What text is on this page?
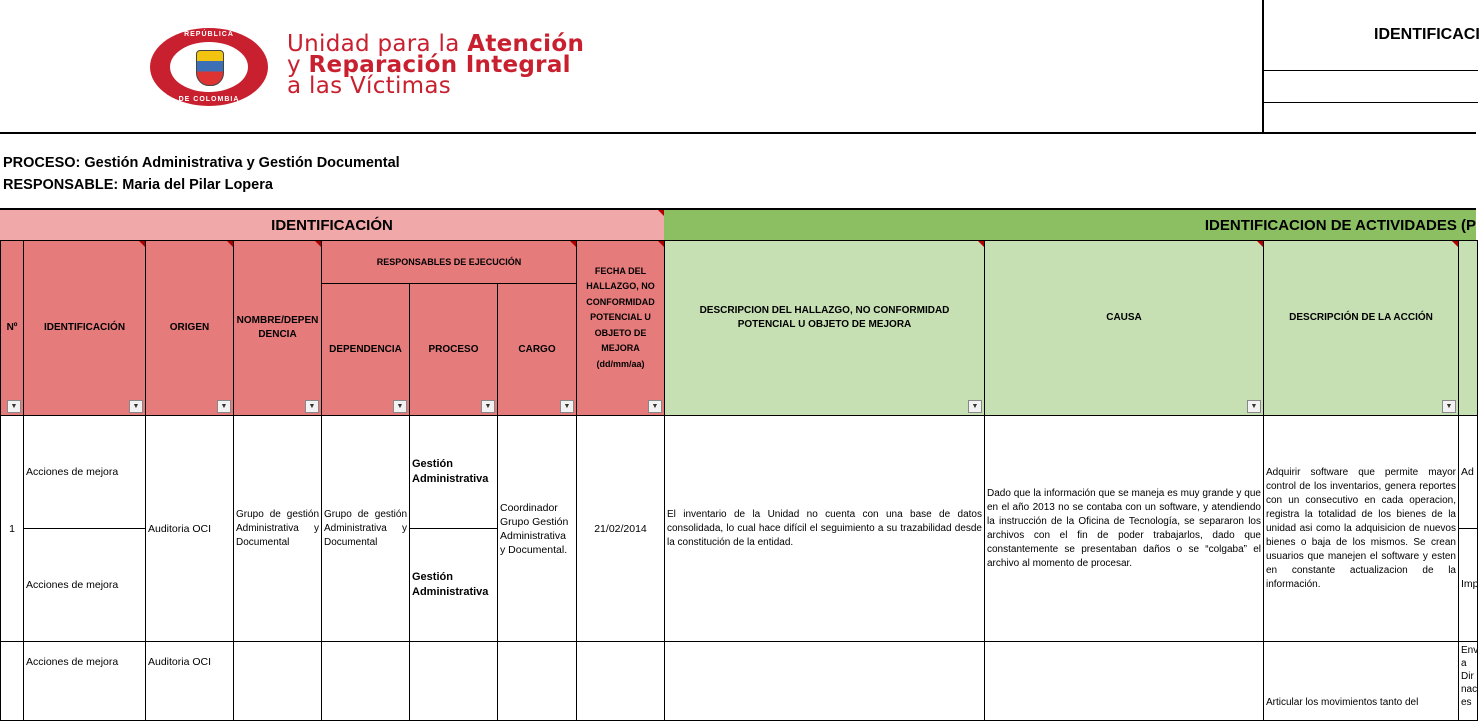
REPÚBLICA
DE COLOMBIA
Unidad para la Atención
y Reparación Integral
a las Víctimas
IDENTIFICACI
PROCESO: Gestión Administrativa y Gestión Documental
RESPONSABLE: Maria del Pilar Lopera
IDENTIFICACIÓN	IDENTIFICACION DE ACTIVIDADES (P
Nº
▼
IDENTIFICACIÓN
▼
ORIGEN
▼
NOMBRE/DEPENDENCIA
▼
RESPONSABLES DE EJECUCIÓN
DEPENDENCIA
▼
PROCESO
▼
CARGO
▼
FECHA DEL HALLAZGO, NO CONFORMIDAD POTENCIAL U OBJETO DE MEJORA (dd/mm/aa)
▼
DESCRIPCION DEL HALLAZGO, NO CONFORMIDAD POTENCIAL U OBJETO DE MEJORA
▼
CAUSA
▼
DESCRIPCIÓN DE LA ACCIÓN
▼
1
Acciones de mejora
Acciones de mejora
Auditoria OCI
Grupo de gestión Administrativa y Documental
Grupo de gestión Administrativa y Documental
Gestión Administrativa
Gestión Administrativa
Coordinador Grupo Gestión Administrativa y Documental.
21/02/2014
El inventario de la Unidad no cuenta con una base de datos consolidada, lo cual hace difícil el seguimiento a su trazabilidad desde la constitución de la entidad.
Dado que la información que se maneja es muy grande y que en el año 2013 no se contaba con un software, y atendiendo la instrucción de la Oficina de Tecnología, se separaron los archivos con el fin de poder trabajarlos, dado que constantemente se presentaban daños o se “colgaba” el archivo al momento de procesar.
Adquirir software que permite mayor control de los inventarios, genera reportes con un consecutivo en cada operacion, registra la totalidad de los bienes de la unidad asi como la adquisicion de nuevos bienes o baja de los mismos. Se crean usuarios que manejen el software y esten en constante actualizacion de la información.
Ad
Imp
Acciones de mejora	Auditoria OCI
Articular los movimientos tanto del
Env a Dir nac es
